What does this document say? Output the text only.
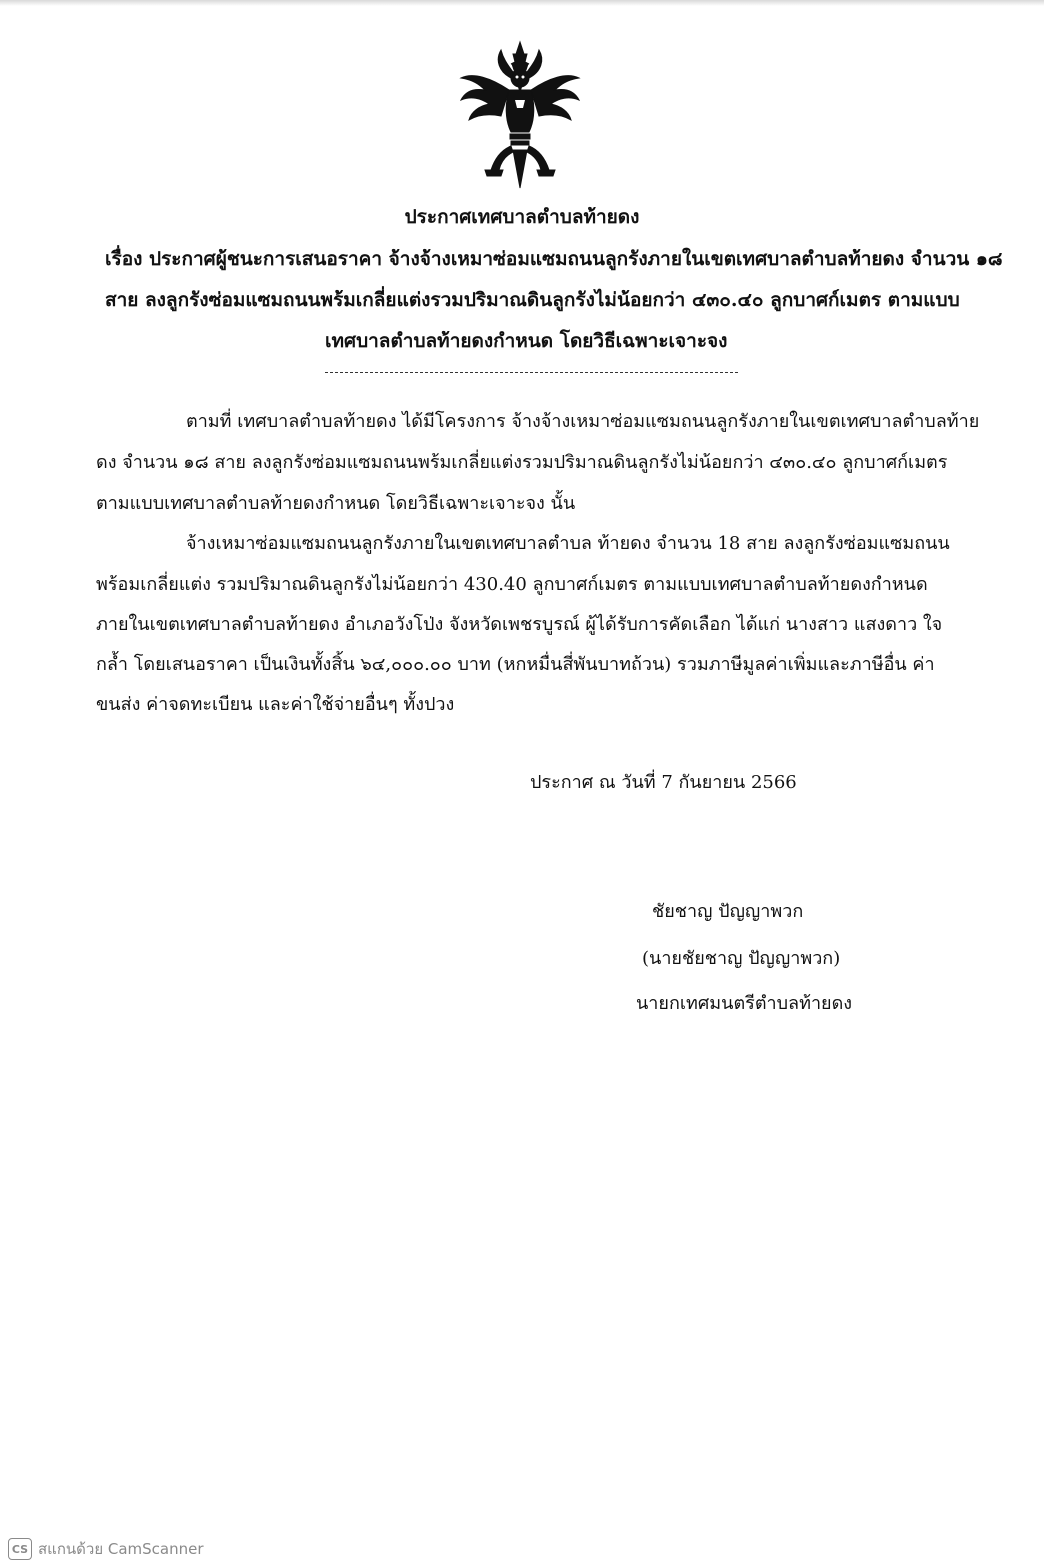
ประกาศเทศบาลตำบลท้ายดง
เรื่อง ประกาศผู้ชนะการเสนอราคา จ้างจ้างเหมาซ่อมแซมถนนลูกรังภายในเขตเทศบาลตำบลท้ายดง จำนวน ๑๘
สาย ลงลูกรังซ่อมแซมถนนพร้มเกลี่ยแต่งรวมปริมาณดินลูกรังไม่น้อยกว่า ๔๓๐.๔๐ ลูกบาศก์เมตร ตามแบบ
เทศบาลตำบลท้ายดงกำหนด โดยวิธีเฉพาะเจาะจง
ตามที่ เทศบาลตำบลท้ายดง ได้มีโครงการ จ้างจ้างเหมาซ่อมแซมถนนลูกรังภายในเขตเทศบาลตำบลท้าย
ดง จำนวน ๑๘ สาย ลงลูกรังซ่อมแซมถนนพร้มเกลี่ยแต่งรวมปริมาณดินลูกรังไม่น้อยกว่า ๔๓๐.๔๐ ลูกบาศก์เมตร
ตามแบบเทศบาลตำบลท้ายดงกำหนด โดยวิธีเฉพาะเจาะจง นั้น
จ้างเหมาซ่อมแซมถนนลูกรังภายในเขตเทศบาลตำบล ท้ายดง จำนวน 18 สาย ลงลูกรังซ่อมแซมถนน
พร้อมเกลี่ยแต่ง รวมปริมาณดินลูกรังไม่น้อยกว่า 430.40 ลูกบาศก์เมตร ตามแบบเทศบาลตำบลท้ายดงกำหนด
ภายในเขตเทศบาลตำบลท้ายดง อำเภอวังโป่ง จังหวัดเพชรบูรณ์ ผู้ได้รับการคัดเลือก ได้แก่ นางสาว แสงดาว ใจ
กล้ำ โดยเสนอราคา เป็นเงินทั้งสิ้น ๖๔,๐๐๐.๐๐ บาท (หกหมื่นสี่พันบาทถ้วน) รวมภาษีมูลค่าเพิ่มและภาษีอื่น ค่า
ขนส่ง ค่าจดทะเบียน และค่าใช้จ่ายอื่นๆ ทั้งปวง
ประกาศ ณ วันที่ 7 กันยายน 2566
ชัยชาญ ปัญญาพวก
(นายชัยชาญ ปัญญาพวก)
นายกเทศมนตรีตำบลท้ายดง
CS สแกนด้วย CamScanner
